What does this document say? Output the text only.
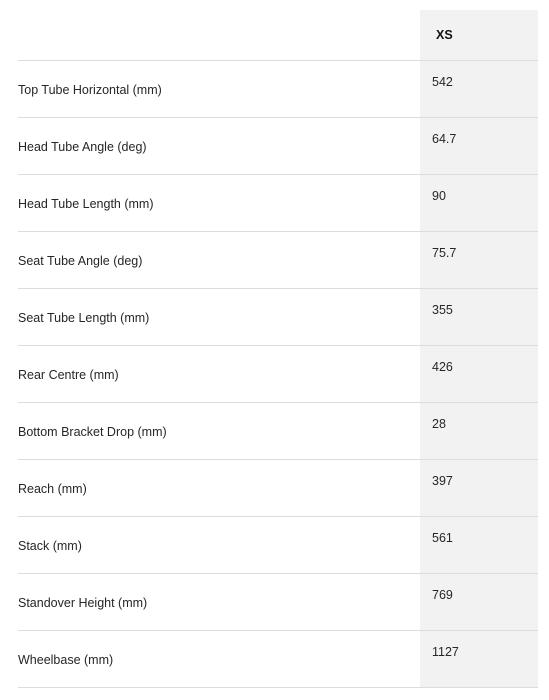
XS
Top Tube Horizontal (mm)
542
Head Tube Angle (deg)
64.7
Head Tube Length (mm)
90
Seat Tube Angle (deg)
75.7
Seat Tube Length (mm)
355
Rear Centre (mm)
426
Bottom Bracket Drop (mm)
28
Reach (mm)
397
Stack (mm)
561
Standover Height (mm)
769
Wheelbase (mm)
1127
